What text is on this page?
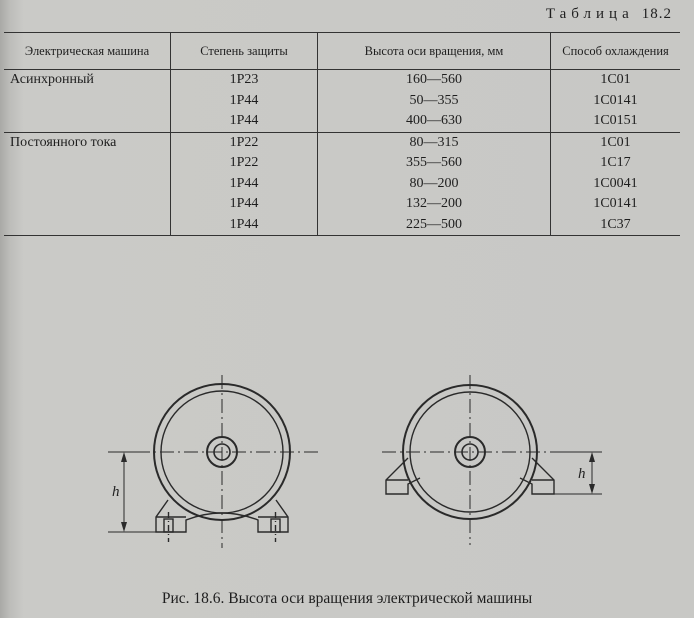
Таблица 18.2
Электрическая машина	Степень защиты	Высота оси вращения, мм	Способ охлаждения
Асинхронный	1P23	160—560	1C01
	1P44	50—355	1C0141
	1P44	400—630	1C0151
Постоянного тока	1P22	80—315	1C01
	1P22	355—560	1C17
	1P44	80—200	1C0041
	1P44	132—200	1C0141
	1P44	225—500	1C37
h
h
Рис. 18.6. Высота оси вращения электрической машины
